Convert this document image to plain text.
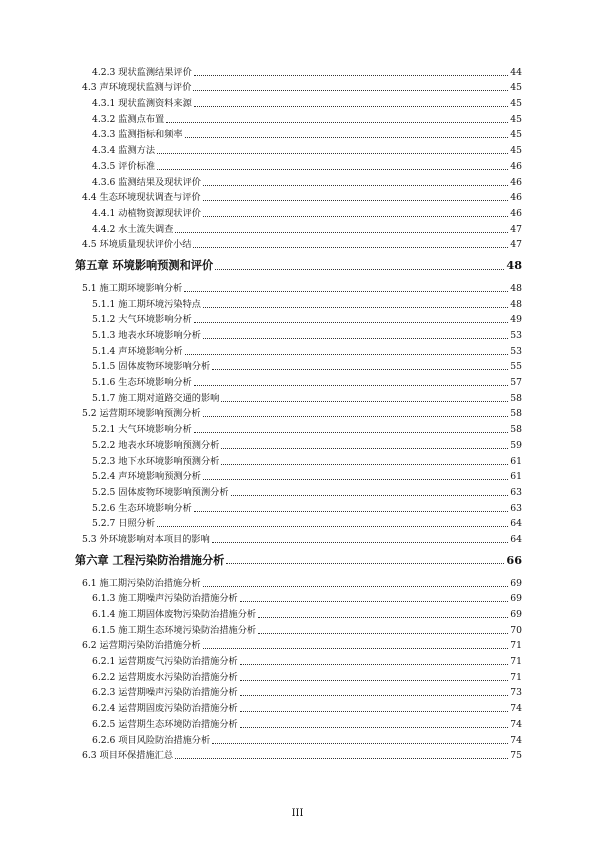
4.2.3 现状监测结果评价	44
4.3 声环境现状监测与评价	45
4.3.1 现状监测资料来源	45
4.3.2 监测点布置	45
4.3.3 监测指标和频率	45
4.3.4 监测方法	45
4.3.5 评价标准	46
4.3.6 监测结果及现状评价	46
4.4 生态环境现状调查与评价	46
4.4.1 动植物资源现状评价	46
4.4.2 水土流失调查	47
4.5 环境质量现状评价小结	47
第五章 环境影响预测和评价	48
5.1 施工期环境影响分析	48
5.1.1 施工期环境污染特点	48
5.1.2 大气环境影响分析	49
5.1.3 地表水环境影响分析	53
5.1.4 声环境影响分析	53
5.1.5 固体废物环境影响分析	55
5.1.6 生态环境影响分析	57
5.1.7 施工期对道路交通的影响	58
5.2 运营期环境影响预测分析	58
5.2.1 大气环境影响分析	58
5.2.2 地表水环境影响预测分析	59
5.2.3 地下水环境影响预测分析	61
5.2.4 声环境影响预测分析	61
5.2.5 固体废物环境影响预测分析	63
5.2.6 生态环境影响分析	63
5.2.7 日照分析	64
5.3 外环境影响对本项目的影响	64
第六章 工程污染防治措施分析	66
6.1 施工期污染防治措施分析	69
6.1.3 施工期噪声污染防治措施分析	69
6.1.4 施工期固体废物污染防治措施分析	69
6.1.5 施工期生态环境污染防治措施分析	70
6.2 运营期污染防治措施分析	71
6.2.1 运营期废气污染防治措施分析	71
6.2.2 运营期废水污染防治措施分析	71
6.2.3 运营期噪声污染防治措施分析	73
6.2.4 运营期固废污染防治措施分析	74
6.2.5 运营期生态环境防治措施分析	74
6.2.6 项目风险防治措施分析	74
6.3 项目环保措施汇总	75
III
